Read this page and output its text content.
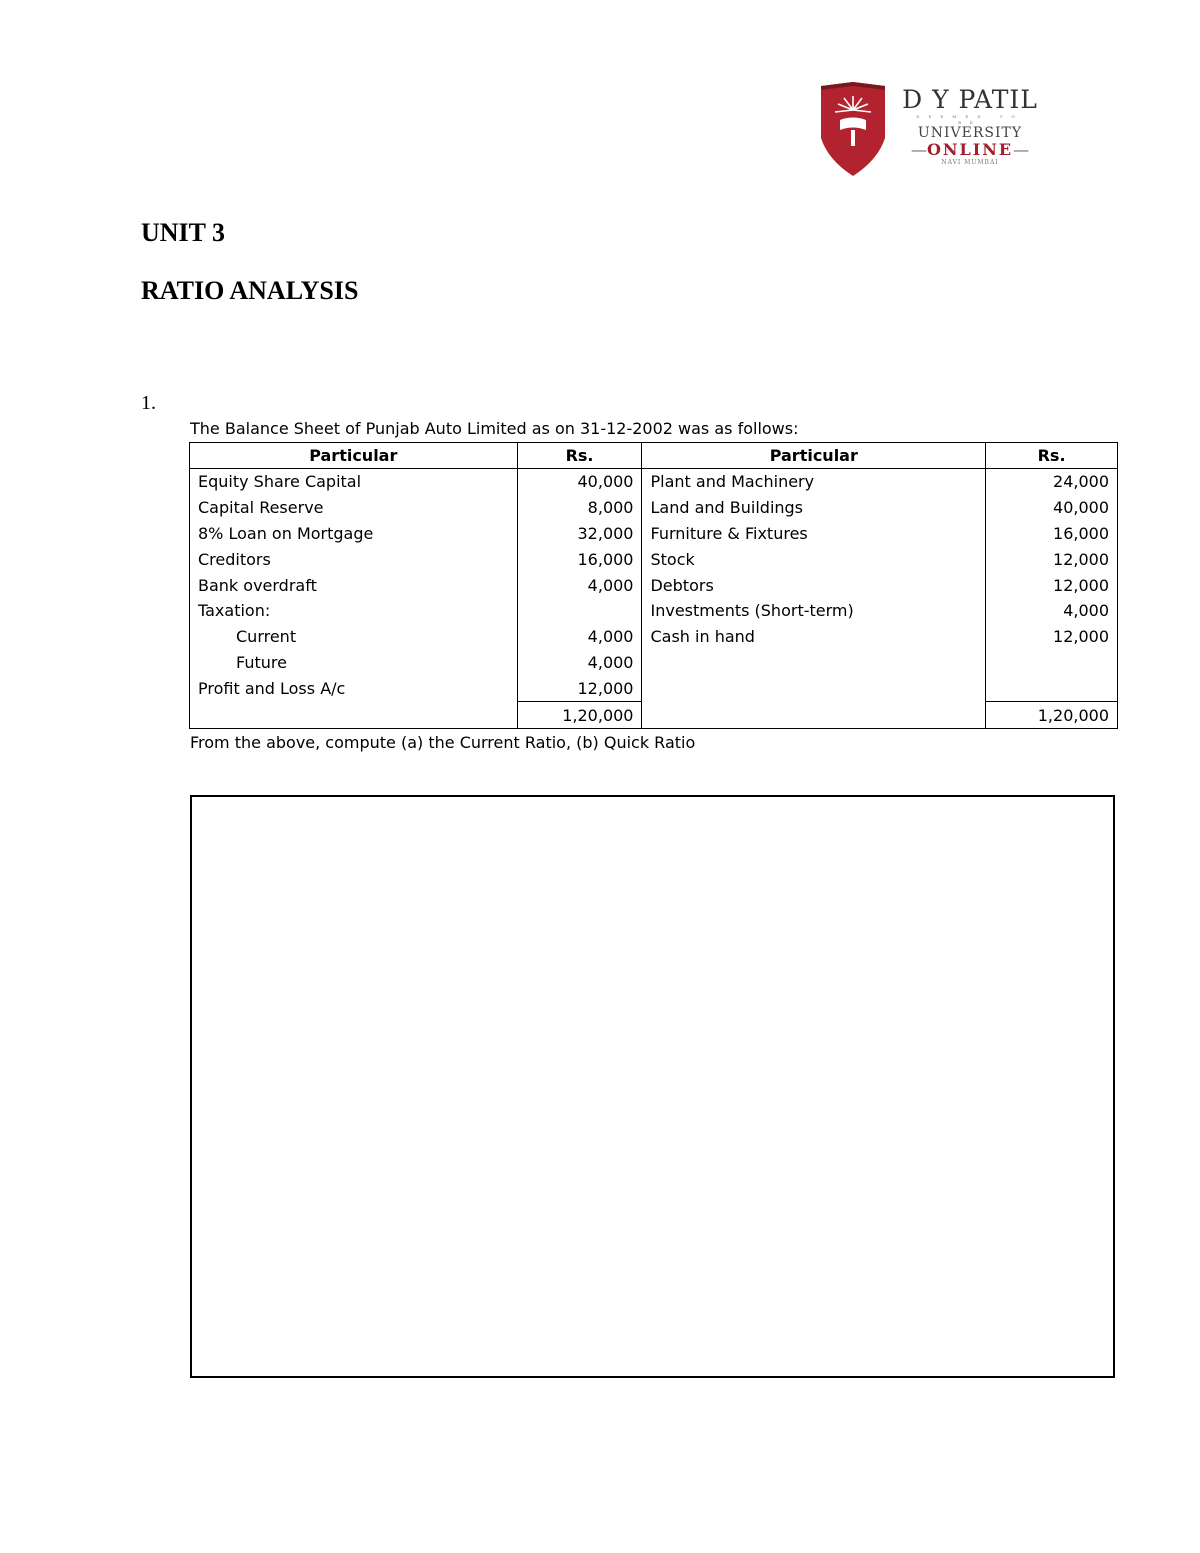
D Y PATIL
DEEMED TO BE
UNIVERSITY
—ONLINE—
NAVI MUMBAI
UNIT 3
RATIO ANALYSIS
1.
The Balance Sheet of Punjab Auto Limited as on 31-12-2002 was as follows:
Particular	Rs.	Particular	Rs.
Equity Share Capital	40,000	Plant and Machinery	24,000
Capital Reserve	8,000	Land and Buildings	40,000
8% Loan on Mortgage	32,000	Furniture & Fixtures	16,000
Creditors	16,000	Stock	12,000
Bank overdraft	4,000	Debtors	12,000
Taxation:		Investments (Short-term)	4,000
Current	4,000	Cash in hand	12,000
Future	4,000		
Profit and Loss A/c	12,000		
	1,20,000		1,20,000
From the above, compute (a) the Current Ratio, (b) Quick Ratio
